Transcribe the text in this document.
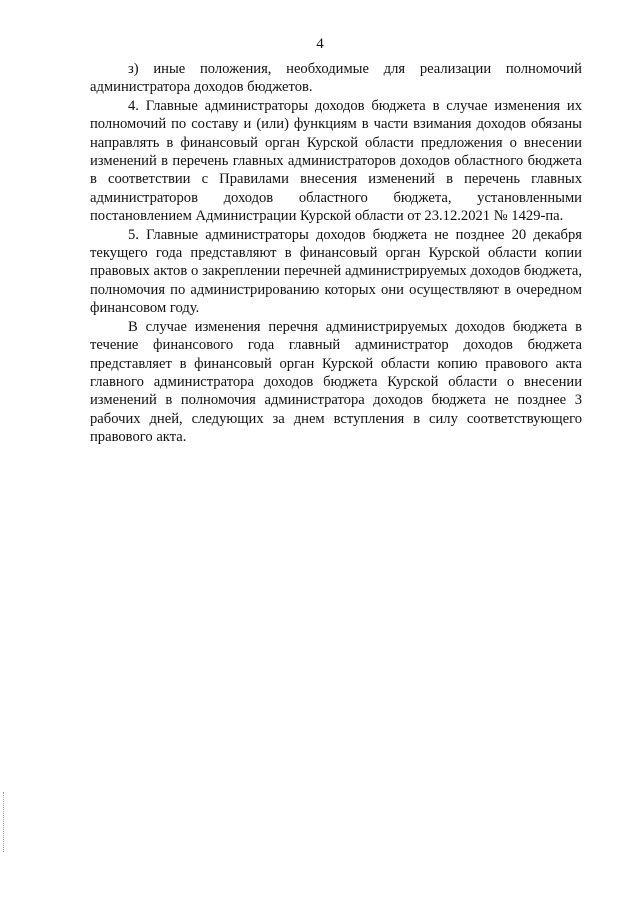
4

з) иные положения, необходимые для реализации полномочий администратора доходов бюджетов.

4. Главные администраторы доходов бюджета в случае изменения их полномочий по составу и (или) функциям в части взимания доходов обязаны направлять в финансовый орган Курской области предложения о внесении изменений в перечень главных администраторов доходов областного бюджета в соответствии с Правилами внесения изменений в перечень главных администраторов доходов областного бюджета, установленными постановлением Администрации Курской области от 23.12.2021 № 1429-па.

5. Главные администраторы доходов бюджета не позднее 20 декабря текущего года представляют в финансовый орган Курской области копии правовых актов о закреплении перечней администрируемых доходов бюджета, полномочия по администрированию которых они осуществляют в очередном финансовом году.

В случае изменения перечня администрируемых доходов бюджета в течение финансового года главный администратор доходов бюджета представляет в финансовый орган Курской области копию правового акта главного администратора доходов бюджета Курской области о внесении изменений в полномочия администратора доходов бюджета не позднее 3 рабочих дней, следующих за днем вступления в силу соответствующего правового акта.
